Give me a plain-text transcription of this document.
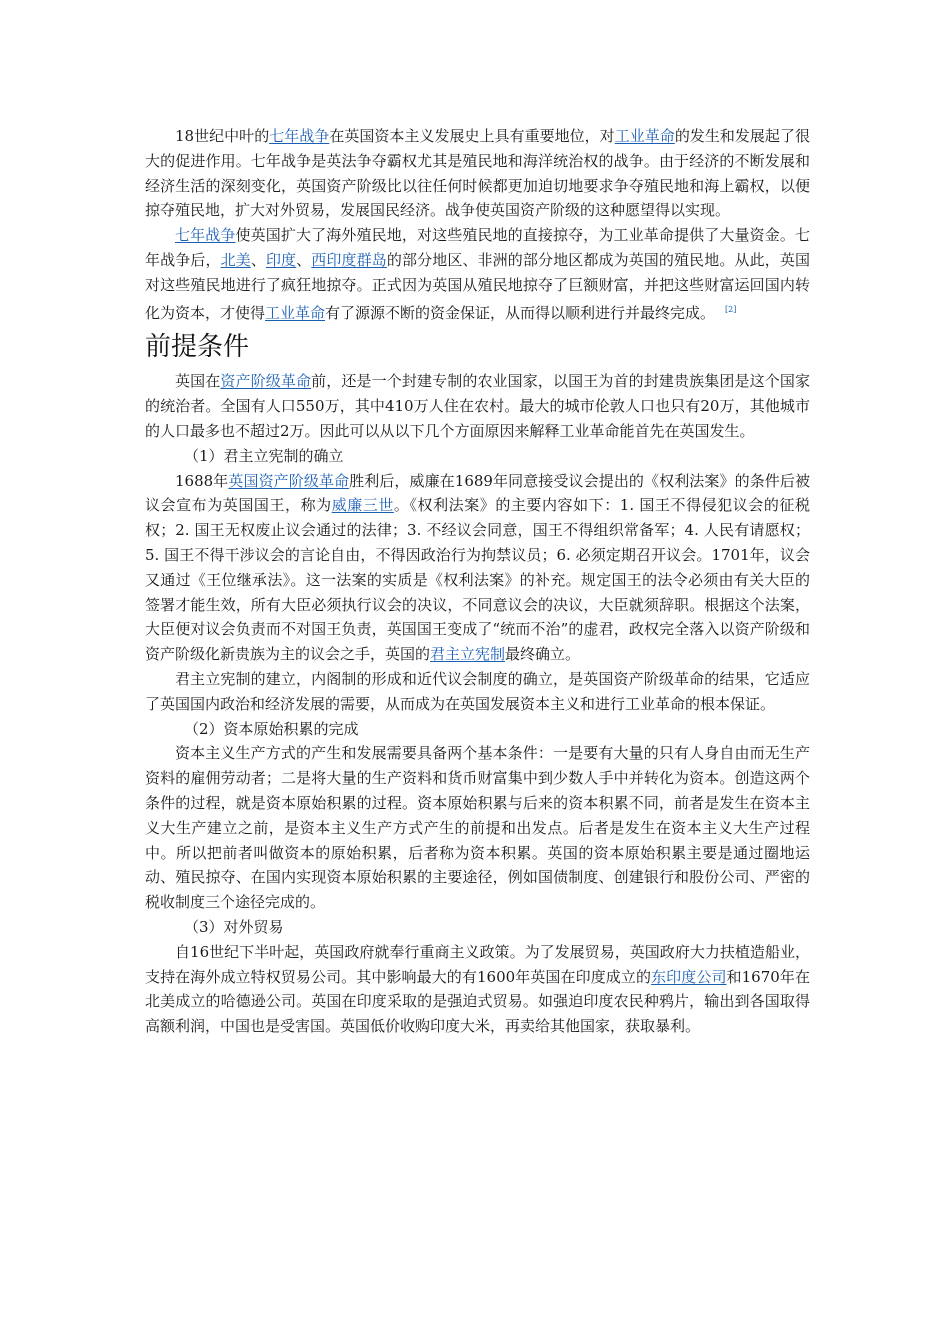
18世纪中叶的七年战争在英国资本主义发展史上具有重要地位，对工业革命的发生和发展起了很大的促进作用。七年战争是英法争夺霸权尤其是殖民地和海洋统治权的战争。由于经济的不断发展和经济生活的深刻变化，英国资产阶级比以往任何时候都更加迫切地要求争夺殖民地和海上霸权，以便掠夺殖民地，扩大对外贸易，发展国民经济。战争使英国资产阶级的这种愿望得以实现。

七年战争使英国扩大了海外殖民地，对这些殖民地的直接掠夺，为工业革命提供了大量资金。七年战争后，北美、印度、西印度群岛的部分地区、非洲的部分地区都成为英国的殖民地。从此，英国对这些殖民地进行了疯狂地掠夺。正式因为英国从殖民地掠夺了巨额财富，并把这些财富运回国内转化为资本，才使得工业革命有了源源不断的资金保证，从而得以顺利进行并最终完成。 [2]

前提条件

英国在资产阶级革命前，还是一个封建专制的农业国家，以国王为首的封建贵族集团是这个国家的统治者。全国有人口550万，其中410万人住在农村。最大的城市伦敦人口也只有20万，其他城市的人口最多也不超过2万。因此可以从以下几个方面原因来解释工业革命能首先在英国发生。

（1）君主立宪制的确立

1688年英国资产阶级革命胜利后，威廉在1689年同意接受议会提出的《权利法案》的条件后被议会宣布为英国国王，称为威廉三世。《权利法案》的主要内容如下：1. 国王不得侵犯议会的征税权；2. 国王无权废止议会通过的法律；3. 不经议会同意，国王不得组织常备军；4. 人民有请愿权；5. 国王不得干涉议会的言论自由，不得因政治行为拘禁议员；6. 必须定期召开议会。1701年，议会又通过《王位继承法》。这一法案的实质是《权利法案》的补充。规定国王的法令必须由有关大臣的签署才能生效，所有大臣必须执行议会的决议，不同意议会的决议，大臣就须辞职。根据这个法案，大臣便对议会负责而不对国王负责，英国国王变成了“统而不治”的虚君，政权完全落入以资产阶级和资产阶级化新贵族为主的议会之手，英国的君主立宪制最终确立。

君主立宪制的建立，内阁制的形成和近代议会制度的确立，是英国资产阶级革命的结果，它适应了英国国内政治和经济发展的需要，从而成为在英国发展资本主义和进行工业革命的根本保证。

（2）资本原始积累的完成

资本主义生产方式的产生和发展需要具备两个基本条件：一是要有大量的只有人身自由而无生产资料的雇佣劳动者；二是将大量的生产资料和货币财富集中到少数人手中并转化为资本。创造这两个条件的过程，就是资本原始积累的过程。资本原始积累与后来的资本积累不同，前者是发生在资本主义大生产建立之前，是资本主义生产方式产生的前提和出发点。后者是发生在资本主义大生产过程中。所以把前者叫做资本的原始积累，后者称为资本积累。英国的资本原始积累主要是通过圈地运动、殖民掠夺、在国内实现资本原始积累的主要途径，例如国债制度、创建银行和股份公司、严密的税收制度三个途径完成的。

（3）对外贸易

自16世纪下半叶起，英国政府就奉行重商主义政策。为了发展贸易，英国政府大力扶植造船业，支持在海外成立特权贸易公司。其中影响最大的有1600年英国在印度成立的东印度公司和1670年在北美成立的哈德逊公司。英国在印度采取的是强迫式贸易。如强迫印度农民种鸦片，输出到各国取得高额利润，中国也是受害国。英国低价收购印度大米，再卖给其他国家，获取暴利。
